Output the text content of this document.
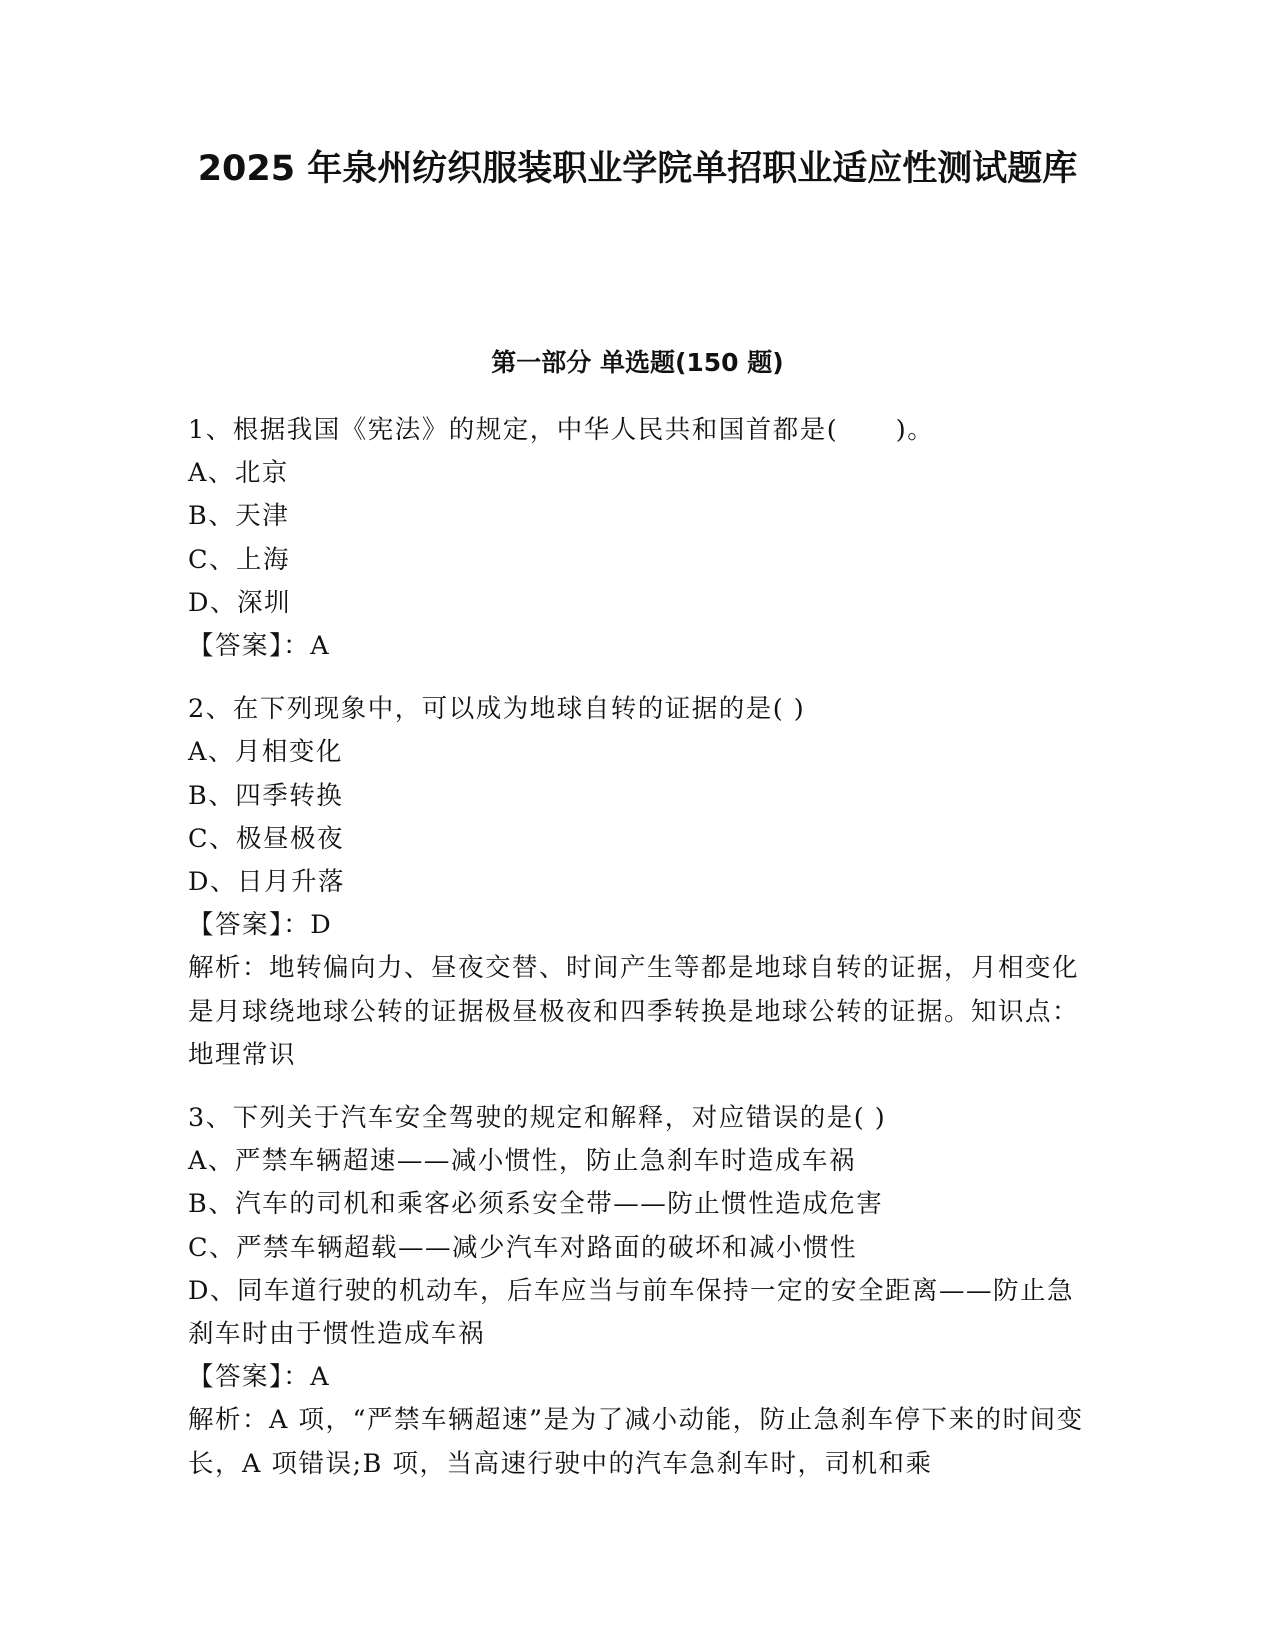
2025 年泉州纺织服装职业学院单招职业适应性测试题库
第一部分 单选题(150 题)
1、根据我国《宪法》的规定，中华人民共和国首都是(      )。
A、北京
B、天津
C、上海
D、深圳
【答案】：A
2、在下列现象中，可以成为地球自转的证据的是( )
A、月相变化
B、四季转换
C、极昼极夜
D、日月升落
【答案】：D
解析：地转偏向力、昼夜交替、时间产生等都是地球自转的证据，月相变化是月球绕地球公转的证据极昼极夜和四季转换是地球公转的证据。知识点：地理常识
3、下列关于汽车安全驾驶的规定和解释，对应错误的是( )
A、严禁车辆超速——减小惯性，防止急刹车时造成车祸
B、汽车的司机和乘客必须系安全带——防止惯性造成危害
C、严禁车辆超载——减少汽车对路面的破坏和减小惯性
D、同车道行驶的机动车，后车应当与前车保持一定的安全距离——防止急刹车时由于惯性造成车祸
【答案】：A
解析：A 项，“严禁车辆超速”是为了减小动能，防止急刹车停下来的时间变长，A 项错误;B 项，当高速行驶中的汽车急刹车时，司机和乘
